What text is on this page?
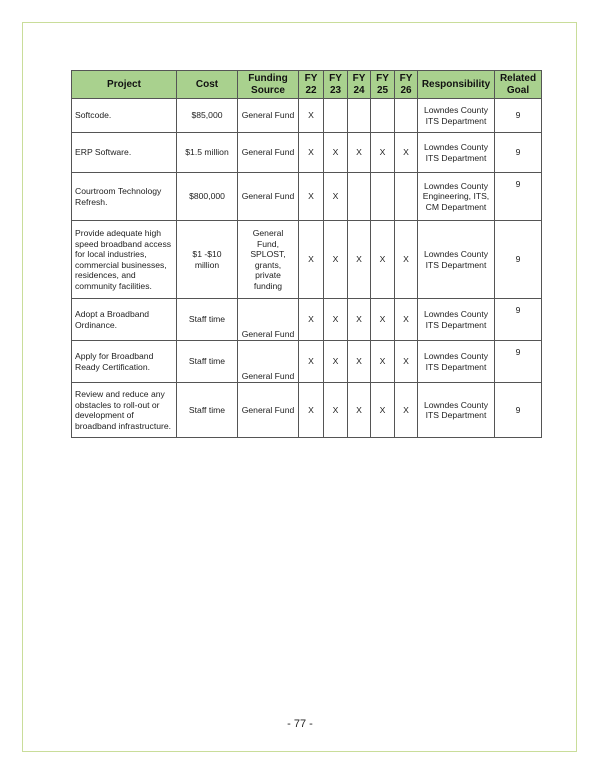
Project	Cost	Funding Source	FY 22	FY 23	FY 24	FY 25	FY 26	Responsibility	Related Goal
Softcode.	$85,000	General Fund	X					Lowndes County ITS Department	9
ERP Software.	$1.5 million	General Fund	X	X	X	X	X	Lowndes County ITS Department	9
Courtroom Technology Refresh.	$800,000	General Fund	X	X				Lowndes County Engineering, ITS, CM Department	9
Provide adequate high speed broadband access for local industries, commercial businesses, residences, and community facilities.	$1 -$10 million	General Fund, SPLOST, grants, private funding	X	X	X	X	X	Lowndes County ITS Department	9
Adopt a Broadband Ordinance.	Staff time	General Fund	X	X	X	X	X	Lowndes County ITS Department	9
Apply for Broadband Ready Certification.	Staff time	General Fund	X	X	X	X	X	Lowndes County ITS Department	9
Review and reduce any obstacles to roll-out or development of broadband infrastructure.	Staff time	General Fund	X	X	X	X	X	Lowndes County ITS Department	9
- 77 -
